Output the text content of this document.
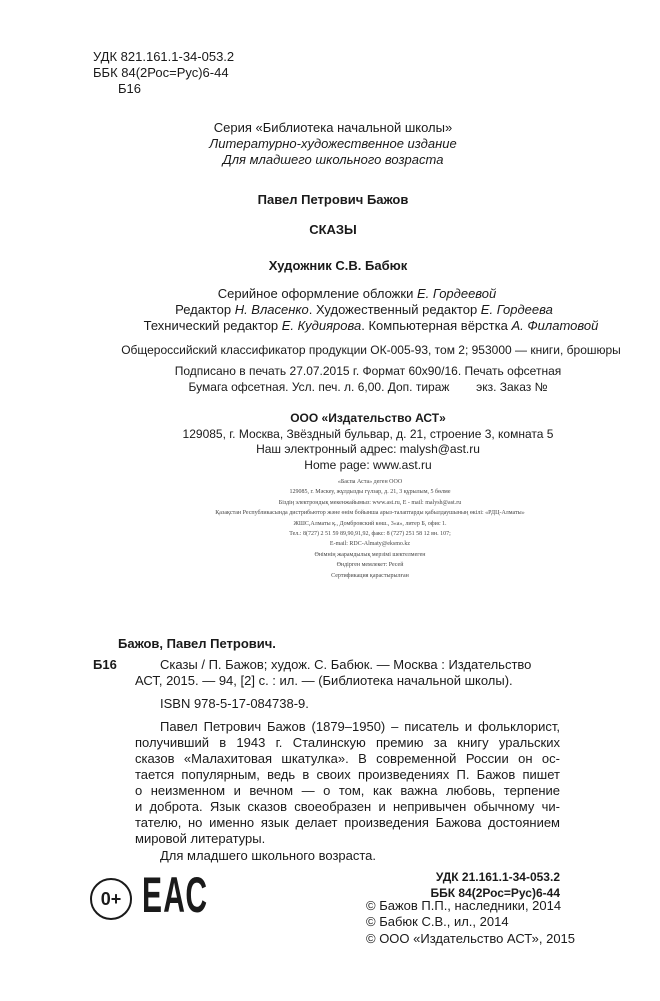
УДК 821.161.1-34-053.2
ББК 84(2Рос=Рус)6-44
Б16
Серия «Библиотека начальной школы»
Литературно-художественное издание
Для младшего школьного возраста
Павел Петрович Бажов
СКАЗЫ
Художник С.В. Бабюк
Серийное оформление обложки Е. Гордеевой
Редактор Н. Власенко. Художественный редактор Е. Гордеева
Технический редактор Е. Кудиярова. Компьютерная вёрстка А. Филатовой
Общероссийский классификатор продукции ОК-005-93, том 2; 953000 — книги, брошюры
Подписано в печать 27.07.2015 г. Формат 60х90/16. Печать офсетная
Бумага офсетная. Усл. печ. л. 6,00. Доп. тираж        экз. Заказ №
ООО «Издательство АСТ»
129085, г. Москва, Звёздный бульвар, д. 21, строение 3, комната 5
Наш электронный адрес: malysh@ast.ru
Home page: www.ast.ru
«Баспа Аста» деген ООО
129085, г. Мәскеу, жұлдызды гүлзар, д. 21, 3 құрылым, 5 бөлме
Біздің электрондық мекенжайымыз: www.ast.ru, E - mail: malysh@ast.ru
Қазақстан Республикасында дистрибьютор және өнім бойынша арыз-талаптарды қабылдаушының өкілі: «РДЦ-Алматы»
ЖШС,Алматы қ., Домбровский көш., 3«а», литер Б, офис 1.
Тел.: 8(727) 2 51 59 89,90,91,92, факс: 8 (727) 251 58 12 вн. 107;
E-mail: RDC-Almaty@eksmo.kz
Өнімнің жарамдылық мерзімі шектелмеген
Өндірген мемлекет: Ресей
Сертификация қарастырылған
Бажов, Павел Петрович.
Б16	Сказы / П. Бажов; худож. С. Бабюк. — Москва : Издательство
АСТ, 2015. — 94, [2] с. : ил. — (Библиотека начальной школы).
ISBN 978-5-17-084738-9.
Павел Петрович Бажов (1879–1950) – писатель и фольклорист,
получивший в 1943 г. Сталинскую премию за книгу уральских
сказов «Малахитовая шкатулка». В современной России он ос-
тается популярным, ведь в своих произведениях П. Бажов пишет
о неизменном и вечном — о том, как важна любовь, терпение
и доброта. Язык сказов своеобразен и непривычен обычному чи-
тателю, но именно язык делает произведения Бажова достоянием
мировой литературы.
Для младшего школьного возраста.
УДК 21.161.1-34-053.2
ББК 84(2Рос=Рус)6-44
0+ ЕАС	© Бажов П.П., наследники, 2014
© Бабюк С.В., ил., 2014
© ООО «Издательство АСТ», 2015
